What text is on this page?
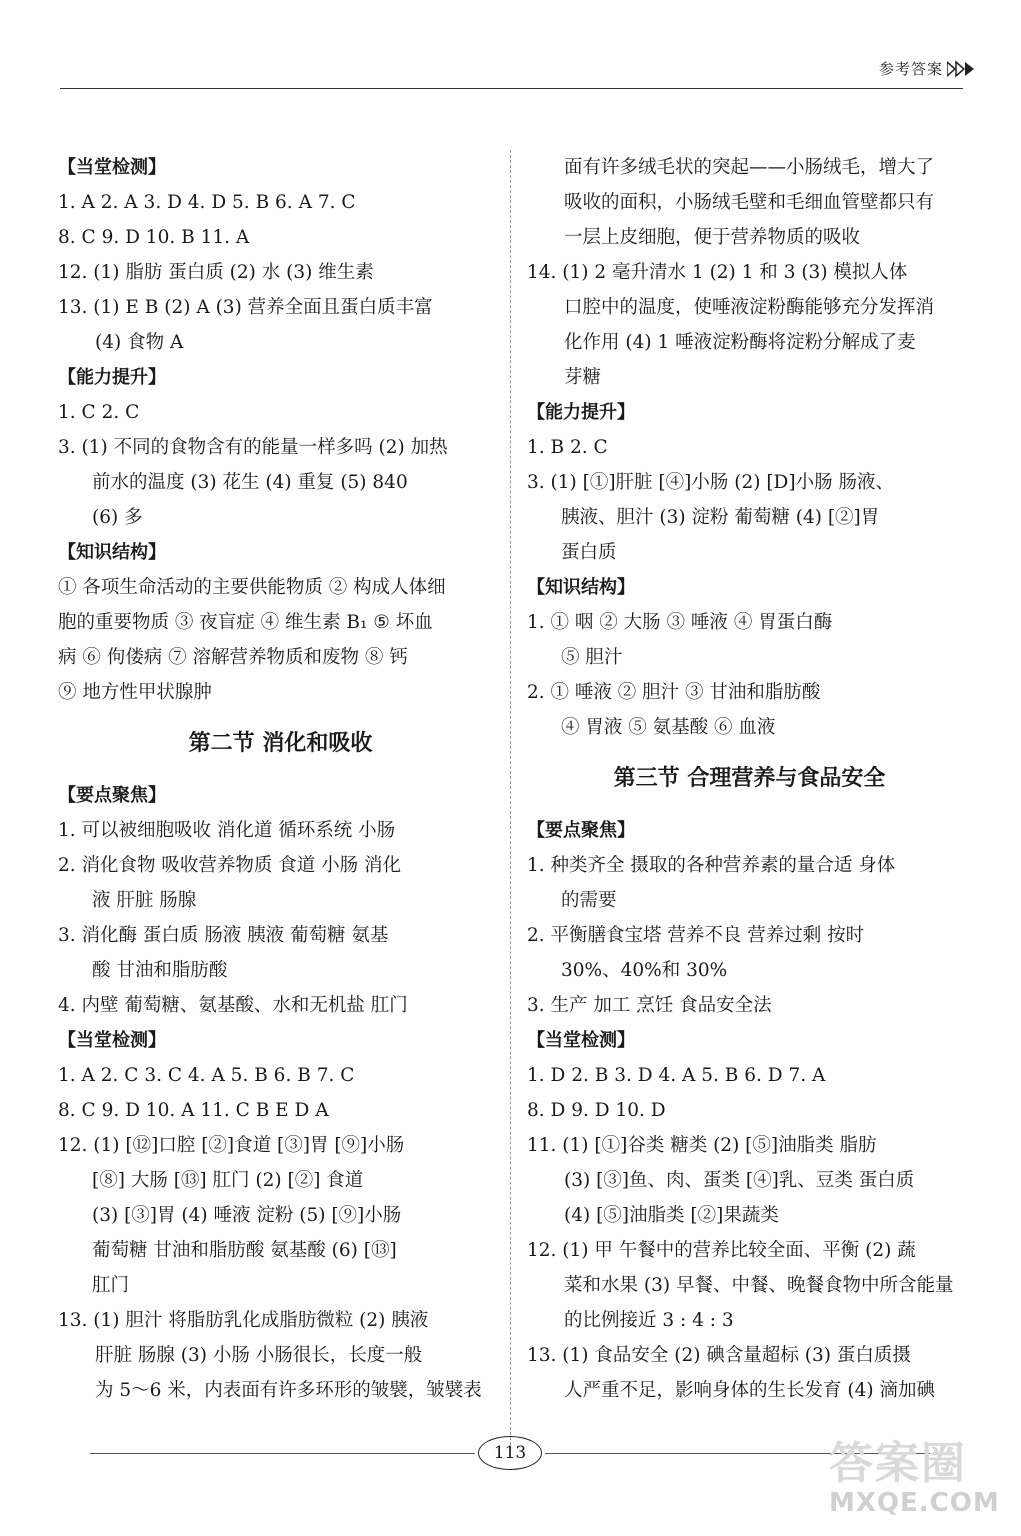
参考答案
【当堂检测】
1. A 2. A 3. D 4. D 5. B 6. A 7. C
8. C 9. D 10. B 11. A
12. (1) 脂肪 蛋白质 (2) 水 (3) 维生素
13. (1) E B (2) A (3) 营养全面且蛋白质丰富
(4) 食物 A
【能力提升】
1. C 2. C
3. (1) 不同的食物含有的能量一样多吗 (2) 加热
前水的温度 (3) 花生 (4) 重复 (5) 840
(6) 多
【知识结构】
① 各项生命活动的主要供能物质 ② 构成人体细
胞的重要物质 ③ 夜盲症 ④ 维生素 B₁ ⑤ 坏血
病 ⑥ 佝偻病 ⑦ 溶解营养物质和废物 ⑧ 钙
⑨ 地方性甲状腺肿
第二节 消化和吸收
【要点聚焦】
1. 可以被细胞吸收 消化道 循环系统 小肠
2. 消化食物 吸收营养物质 食道 小肠 消化
液 肝脏 肠腺
3. 消化酶 蛋白质 肠液 胰液 葡萄糖 氨基
酸 甘油和脂肪酸
4. 内壁 葡萄糖、氨基酸、水和无机盐 肛门
【当堂检测】
1. A 2. C 3. C 4. A 5. B 6. B 7. C
8. C 9. D 10. A 11. C B E D A
12. (1) [⑫]口腔 [②]食道 [③]胃 [⑨]小肠
[⑧] 大肠 [⑬] 肛门 (2) [②] 食道
(3) [③]胃 (4) 唾液 淀粉 (5) [⑨]小肠
葡萄糖 甘油和脂肪酸 氨基酸 (6) [⑬]
肛门
13. (1) 胆汁 将脂肪乳化成脂肪微粒 (2) 胰液
肝脏 肠腺 (3) 小肠 小肠很长，长度一般
为 5～6 米，内表面有许多环形的皱襞，皱襞表
面有许多绒毛状的突起——小肠绒毛，增大了
吸收的面积，小肠绒毛壁和毛细血管壁都只有
一层上皮细胞，便于营养物质的吸收
14. (1) 2 毫升清水 1 (2) 1 和 3 (3) 模拟人体
口腔中的温度，使唾液淀粉酶能够充分发挥消
化作用 (4) 1 唾液淀粉酶将淀粉分解成了麦
芽糖
【能力提升】
1. B 2. C
3. (1) [①]肝脏 [④]小肠 (2) [D]小肠 肠液、
胰液、胆汁 (3) 淀粉 葡萄糖 (4) [②]胃
蛋白质
【知识结构】
1. ① 咽 ② 大肠 ③ 唾液 ④ 胃蛋白酶
⑤ 胆汁
2. ① 唾液 ② 胆汁 ③ 甘油和脂肪酸
④ 胃液 ⑤ 氨基酸 ⑥ 血液
第三节 合理营养与食品安全
【要点聚焦】
1. 种类齐全 摄取的各种营养素的量合适 身体
的需要
2. 平衡膳食宝塔 营养不良 营养过剩 按时
30%、40%和 30%
3. 生产 加工 烹饪 食品安全法
【当堂检测】
1. D 2. B 3. D 4. A 5. B 6. D 7. A
8. D 9. D 10. D
11. (1) [①]谷类 糖类 (2) [⑤]油脂类 脂肪
(3) [③]鱼、肉、蛋类 [④]乳、豆类 蛋白质
(4) [⑤]油脂类 [②]果蔬类
12. (1) 甲 午餐中的营养比较全面、平衡 (2) 蔬
菜和水果 (3) 早餐、中餐、晚餐食物中所含能量
的比例接近 3 : 4 : 3
13. (1) 食品安全 (2) 碘含量超标 (3) 蛋白质摄
人严重不足，影响身体的生长发育 (4) 滴加碘
113	答案圈
MXQE.COM
